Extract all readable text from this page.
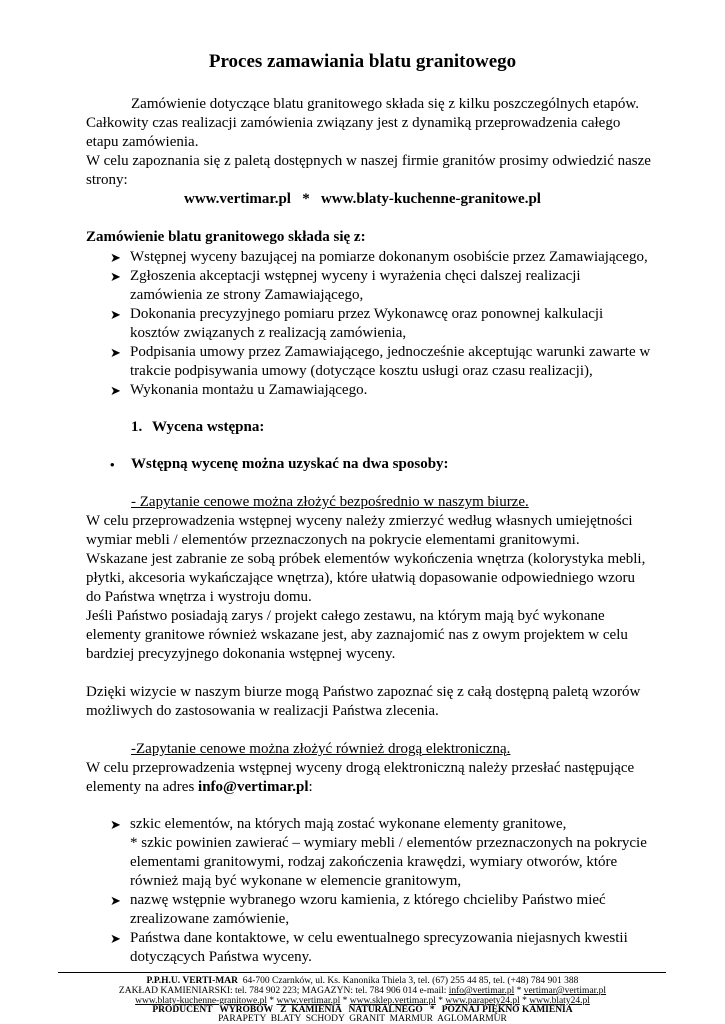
Proces zamawiania blatu granitowego

Zamówienie dotyczące blatu granitowego składa się z kilku poszczególnych etapów.

Całkowity czas realizacji zamówienia związany jest z dynamiką przeprowadzenia całego

etapu zamówienia.

W celu zapoznania się z paletą dostępnych w naszej firmie granitów prosimy odwiedzić nasze

strony:

www.vertimar.pl   *   www.blaty-kuchenne-granitowe.pl

Zamówienie blatu granitowego składa się z:

➤ Wstępnej wyceny bazującej na pomiarze dokonanym osobiście przez Zamawiającego,
➤ Zgłoszenia akceptacji wstępnej wyceny i wyrażenia chęci dalszej realizacji
zamówienia ze strony Zamawiającego,
➤ Dokonania precyzyjnego pomiaru przez Wykonawcę oraz ponownej kalkulacji
kosztów związanych z realizacją zamówienia,
➤ Podpisania umowy przez Zamawiającego, jednocześnie akceptując warunki zawarte w
trakcie podpisywania umowy (dotyczące kosztu usługi oraz czasu realizacji),
➤ Wykonania montażu u Zamawiającego.

1. Wycena wstępna:

•	Wstępną wycenę można uzyskać na dwa sposoby:

- Zapytanie cenowe można złożyć bezpośrednio w naszym biurze.

W celu przeprowadzenia wstępnej wyceny należy zmierzyć według własnych umiejętności

wymiar mebli / elementów przeznaczonych na pokrycie elementami granitowymi.

Wskazane jest zabranie ze sobą próbek elementów wykończenia wnętrza (kolorystyka mebli,

płytki, akcesoria wykańczające wnętrza), które ułatwią dopasowanie odpowiedniego wzoru

do Państwa wnętrza i wystroju domu.

Jeśli Państwo posiadają zarys / projekt całego zestawu, na którym mają być wykonane

elementy granitowe również wskazane jest, aby zaznajomić nas z owym projektem w celu

bardziej precyzyjnego dokonania wstępnej wyceny.

Dzięki wizycie w naszym biurze mogą Państwo zapoznać się z całą dostępną paletą wzorów

możliwych do zastosowania w realizacji Państwa zlecenia.

-Zapytanie cenowe można złożyć również drogą elektroniczną.

W celu przeprowadzenia wstępnej wyceny drogą elektroniczną należy przesłać następujące

elementy na adres info@vertimar.pl:

➤ szkic elementów, na których mają zostać wykonane elementy granitowe,
* szkic powinien zawierać – wymiary mebli / elementów przeznaczonych na pokrycie
elementami granitowymi, rodzaj zakończenia krawędzi, wymiary otworów, które
również mają być wykonane w elemencie granitowym,
➤ nazwę wstępnie wybranego wzoru kamienia, z którego chcieliby Państwo mieć
zrealizowane zamówienie,
➤ Państwa dane kontaktowe, w celu ewentualnego sprecyzowania niejasnych kwestii
dotyczących Państwa wyceny.

P.P.H.U. VERTI-MAR 64-700 Czarnków, ul. Ks. Kanonika Thiela 3, tel. (67) 255 44 85, tel. (+48) 784 901 388

ZAKŁAD KAMIENIARSKI: tel. 784 902 223; MAGAZYN: tel. 784 906 014 e-mail: info@vertimar.pl * vertimar@vertimar.pl

www.blaty-kuchenne-granitowe.pl * www.vertimar.pl * www.sklep.vertimar.pl * www.parapety24.pl * www.blaty24.pl

PRODUCENT   WYROBÓW   Z  KAMIENIA   NATURALNEGO   *   POZNAJ PIĘKNO KAMIENIA

PARAPETY  BLATY  SCHODY  GRANIT  MARMUR  AGLOMARMUR
